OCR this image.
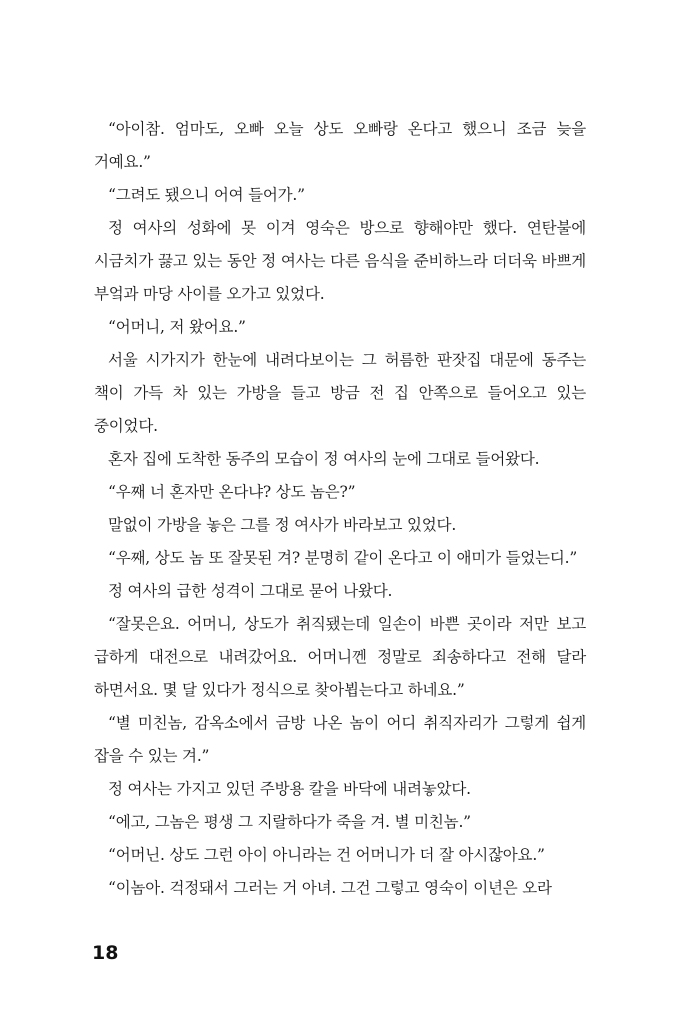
“아이참. 엄마도, 오빠 오늘 상도 오빠랑 온다고 했으니 조금 늦을 거예요.”

“그려도 됐으니 어여 들어가.”

정 여사의 성화에 못 이겨 영숙은 방으로 향해야만 했다. 연탄불에 시금치가 끓고 있는 동안 정 여사는 다른 음식을 준비하느라 더더욱 바쁘게 부엌과 마당 사이를 오가고 있었다.

“어머니, 저 왔어요.”

서울 시가지가 한눈에 내려다보이는 그 허름한 판잣집 대문에 동주는 책이 가득 차 있는 가방을 들고 방금 전 집 안쪽으로 들어오고 있는 중이었다.

혼자 집에 도착한 동주의 모습이 정 여사의 눈에 그대로 들어왔다.

“우째 너 혼자만 온다냐? 상도 놈은?”

말없이 가방을 놓은 그를 정 여사가 바라보고 있었다.

“우째, 상도 놈 또 잘못된 겨? 분명히 같이 온다고 이 애미가 들었는디.”

정 여사의 급한 성격이 그대로 묻어 나왔다.

“잘못은요. 어머니, 상도가 취직됐는데 일손이 바쁜 곳이라 저만 보고 급하게 대전으로 내려갔어요. 어머니껜 정말로 죄송하다고 전해 달라 하면서요. 몇 달 있다가 정식으로 찾아뵙는다고 하네요.”

“별 미친놈, 감옥소에서 금방 나온 놈이 어디 취직자리가 그렇게 쉽게 잡을 수 있는 겨.”

정 여사는 가지고 있던 주방용 칼을 바닥에 내려놓았다.

“에고, 그놈은 평생 그 지랄하다가 죽을 겨. 별 미친놈.”

“어머닌. 상도 그런 아이 아니라는 건 어머니가 더 잘 아시잖아요.”

“이놈아. 걱정돼서 그러는 거 아녀. 그건 그렇고 영숙이 이년은 오라

18
